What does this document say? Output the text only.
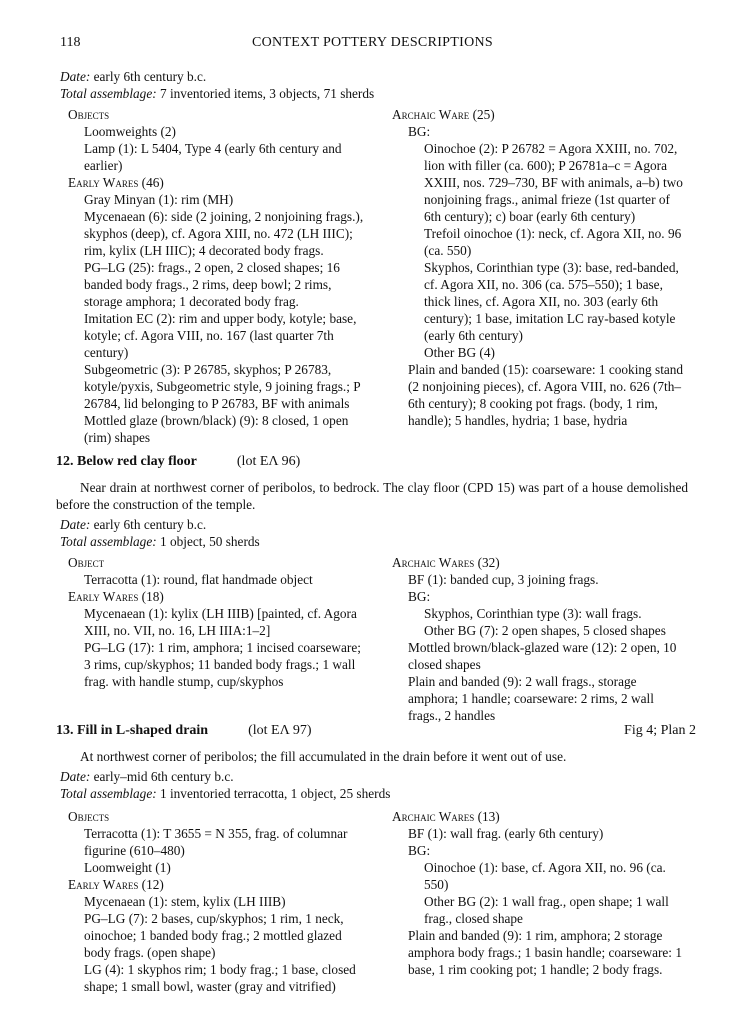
118	CONTEXT POTTERY DESCRIPTIONS
Date: early 6th century b.c.
Total assemblage: 7 inventoried items, 3 objects, 71 sherds
Objects
Loomweights (2)
Lamp (1): L 5404, Type 4 (early 6th century and earlier)
Early Wares (46)
Gray Minyan (1): rim (MH)
Mycenaean (6): side (2 joining, 2 nonjoining frags.), skyphos (deep), cf. Agora XIII, no. 472 (LH IIIC); rim, kylix (LH IIIC); 4 decorated body frags.
PG–LG (25): frags., 2 open, 2 closed shapes; 16 banded body frags., 2 rims, deep bowl; 2 rims, storage amphora; 1 decorated body frag.
Imitation EC (2): rim and upper body, kotyle; base, kotyle; cf. Agora VIII, no. 167 (last quarter 7th century)
Subgeometric (3): P 26785, skyphos; P 26783, kotyle/pyxis, Subgeometric style, 9 joining frags.; P 26784, lid belonging to P 26783, BF with animals
Mottled glaze (brown/black) (9): 8 closed, 1 open (rim) shapes
Archaic Ware (25)
BG:
Oinochoe (2): P 26782 = Agora XXIII, no. 702, lion with filler (ca. 600); P 26781a–c = Agora XXIII, nos. 729–730, BF with animals, a–b) two nonjoining frags., animal frieze (1st quarter of 6th century); c) boar (early 6th century)
Trefoil oinochoe (1): neck, cf. Agora XII, no. 96 (ca. 550)
Skyphos, Corinthian type (3): base, red-banded, cf. Agora XII, no. 306 (ca. 575–550); 1 base, thick lines, cf. Agora XII, no. 303 (early 6th century); 1 base, imitation LC ray-based kotyle (early 6th century)
Other BG (4)
Plain and banded (15): coarseware: 1 cooking stand (2 nonjoining pieces), cf. Agora VIII, no. 626 (7th–6th century); 8 cooking pot frags. (body, 1 rim, handle); 5 handles, hydria; 1 base, hydria
12. Below red clay floor	(lot EΛ 96)
Near drain at northwest corner of peribolos, to bedrock. The clay floor (CPD 15) was part of a house demolished before the construction of the temple.
Date: early 6th century b.c.
Total assemblage: 1 object, 50 sherds
Object
Terracotta (1): round, flat handmade object
Early Wares (18)
Mycenaean (1): kylix (LH IIIB) [painted, cf. Agora XIII, no. VII, no. 16, LH IIIA:1–2]
PG–LG (17): 1 rim, amphora; 1 incised coarseware; 3 rims, cup/skyphos; 11 banded body frags.; 1 wall frag. with handle stump, cup/skyphos
Archaic Wares (32)
BF (1): banded cup, 3 joining frags.
BG:
Skyphos, Corinthian type (3): wall frags.
Other BG (7): 2 open shapes, 5 closed shapes
Mottled brown/black-glazed ware (12): 2 open, 10 closed shapes
Plain and banded (9): 2 wall frags., storage amphora; 1 handle; coarseware: 2 rims, 2 wall frags., 2 handles
13. Fill in L-shaped drain	(lot EΛ 97)	Fig 4; Plan 2
At northwest corner of peribolos; the fill accumulated in the drain before it went out of use.
Date: early–mid 6th century b.c.
Total assemblage: 1 inventoried terracotta, 1 object, 25 sherds
Objects
Terracotta (1): T 3655 = N 355, frag. of columnar figurine (610–480)
Loomweight (1)
Early Wares (12)
Mycenaean (1): stem, kylix (LH IIIB)
PG–LG (7): 2 bases, cup/skyphos; 1 rim, 1 neck, oinochoe; 1 banded body frag.; 2 mottled glazed body frags. (open shape)
LG (4): 1 skyphos rim; 1 body frag.; 1 base, closed shape; 1 small bowl, waster (gray and vitrified)
Archaic Wares (13)
BF (1): wall frag. (early 6th century)
BG:
Oinochoe (1): base, cf. Agora XII, no. 96 (ca. 550)
Other BG (2): 1 wall frag., open shape; 1 wall frag., closed shape
Plain and banded (9): 1 rim, amphora; 2 storage amphora body frags.; 1 basin handle; coarseware: 1 base, 1 rim cooking pot; 1 handle; 2 body frags.
